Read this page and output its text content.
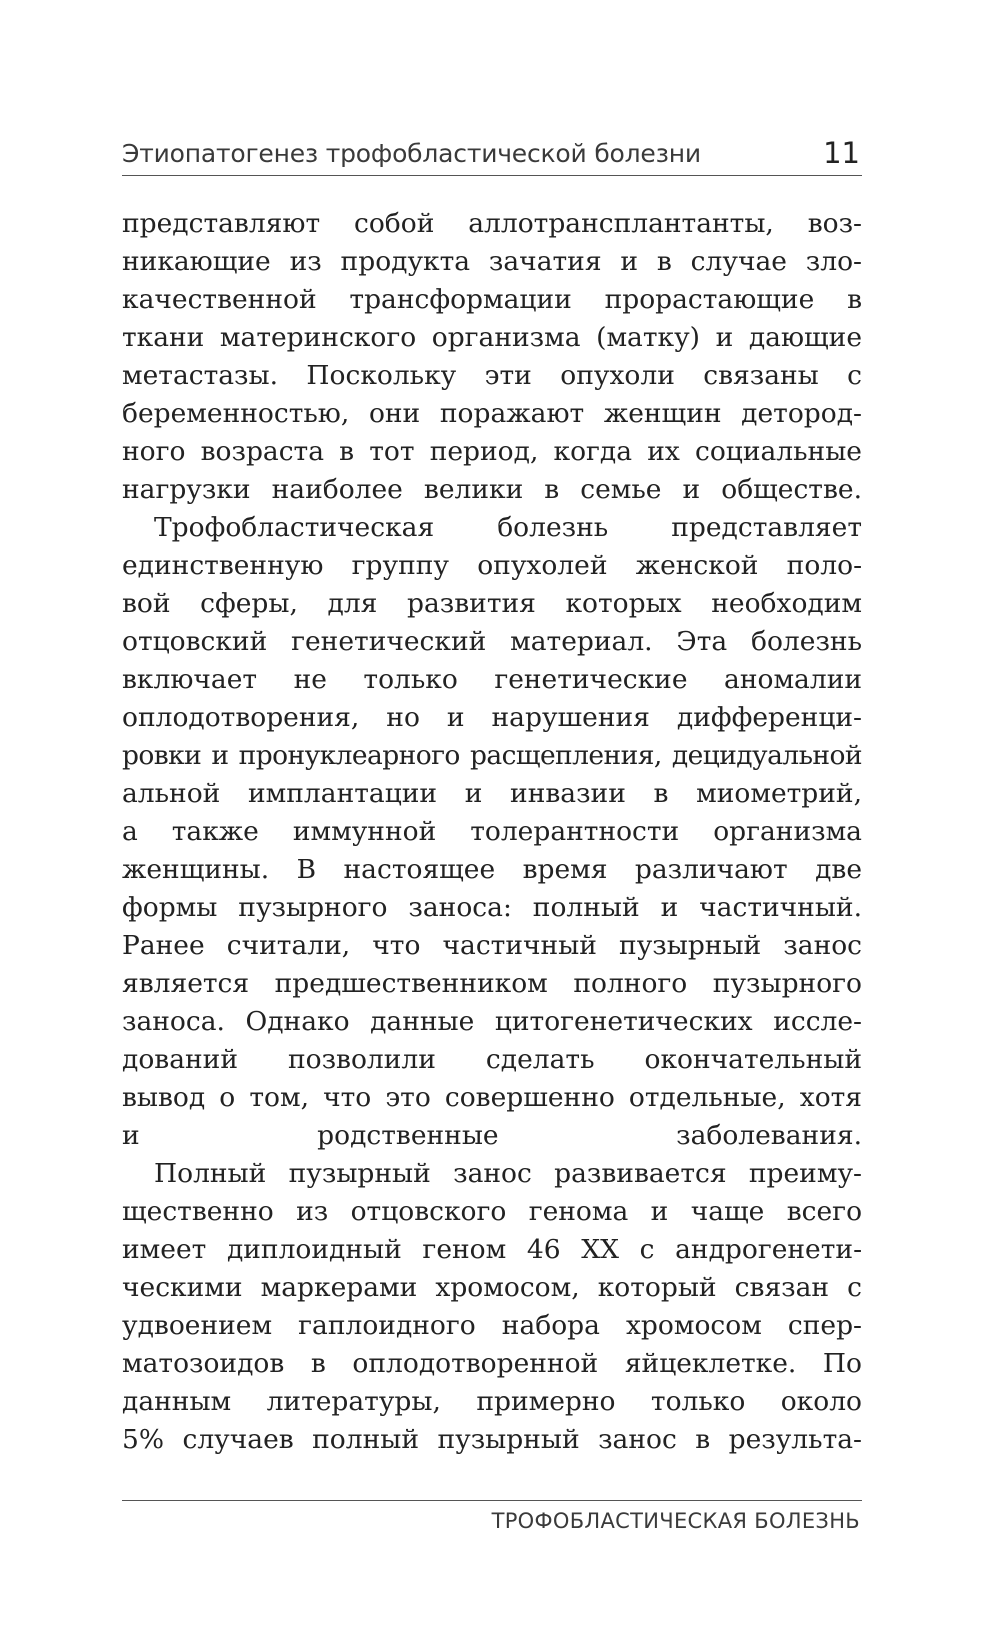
Этиопатогенез трофобластической болезни	11

представляют собой аллотрансплантанты, воз-
никающие из продукта зачатия и в случае зло-
качественной трансформации прорастающие в
ткани материнского организма (матку) и дающие
метастазы. Поскольку эти опухоли связаны с
беременностью, они поражают женщин детород-
ного возраста в тот период, когда их социальные
нагрузки наиболее велики в семье и обществе.

Трофобластическая болезнь представляет
единственную группу опухолей женской поло-
вой сферы, для развития которых необходим
отцовский генетический материал. Эта болезнь
включает не только генетические аномалии
оплодотворения, но и нарушения дифференци-
ровки и пронуклеарного расщепления, децидуальной
альной имплантации и инвазии в миометрий,
а также иммунной толерантности организма
женщины. В настоящее время различают две
формы пузырного заноса: полный и частичный.
Ранее считали, что частичный пузырный занос
является предшественником полного пузырного
заноса. Однако данные цитогенетических иссле-
дований позволили сделать окончательный
вывод о том, что это совершенно отдельные, хотя
и родственные заболевания.

Полный пузырный занос развивается преиму-
щественно из отцовского генома и чаще всего
имеет диплоидный геном 46 ХХ с андрогенети-
ческими маркерами хромосом, который связан с
удвоением гаплоидного набора хромосом спер-
матозоидов в оплодотворенной яйцеклетке. По
данным литературы, примерно только около
5% случаев полный пузырный занос в результа-

ТРОФОБЛАСТИЧЕСКАЯ БОЛЕЗНЬ
